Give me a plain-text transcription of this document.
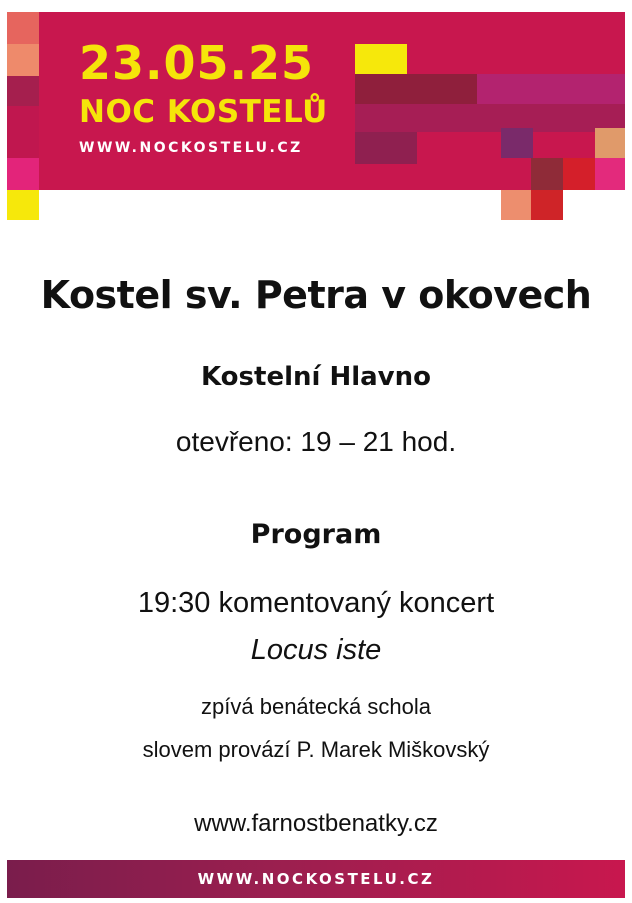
23.05.25
NOC KOSTELŮ
WWW.NOCKOSTELU.CZ
Kostel sv. Petra v okovech
Kostelní Hlavno
otevřeno: 19 – 21 hod.
Program
19:30 komentovaný koncert
Locus iste
zpívá benátecká schola
slovem provází P. Marek Miškovský
www.farnostbenatky.cz
WWW.NOCKOSTELU.CZ
